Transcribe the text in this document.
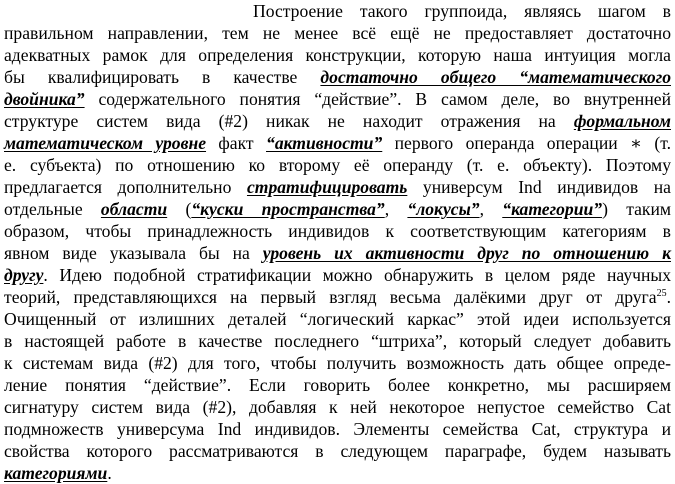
Построение такого группоида, являясь шагом в
правильном направлении, тем не менее всё ещё не предоставляет достаточно
адекватных рамок для определения конструкции, которую наша интуиция могла
бы квалифицировать в качестве достаточно общего “математического
двойника” содержательного понятия “действие”. В самом деле, во внутренней
структуре систем вида (#2) никак не находит отражения на формальном
математическом уровне факт “активности” первого операнда операции ∗ (т.
е. субъекта) по отношению ко второму её операнду (т. е. объекту). Поэтому
предлагается дополнительно стратифицировать универсум Ind индивидов на
отдельные области (“куски пространства”, “локусы”, “категории”) таким
образом, чтобы принадлежность индивидов к соответствующим категориям в
явном виде указывала бы на уровень их активности друг по отношению к
другу. Идею подобной стратификации можно обнаружить в целом ряде научных
теорий, представляющихся на первый взгляд весьма далёкими друг от друга$^{25}$.
Очищенный от излишних деталей “логический каркас” этой идеи используется
в настоящей работе в качестве последнего “штриха”, который следует добавить
к системам вида (#2) для того, чтобы получить возможность дать общее опреде-
ление понятия “действие”. Если говорить более конкретно, мы расширяем
сигнатуру систем вида (#2), добавляя к ней некоторое непустое семейство Cat
подмножеств универсума Ind индивидов. Элементы семейства Cat, структура и
свойства которого рассматриваются в следующем параграфе, будем называть
категориями.
